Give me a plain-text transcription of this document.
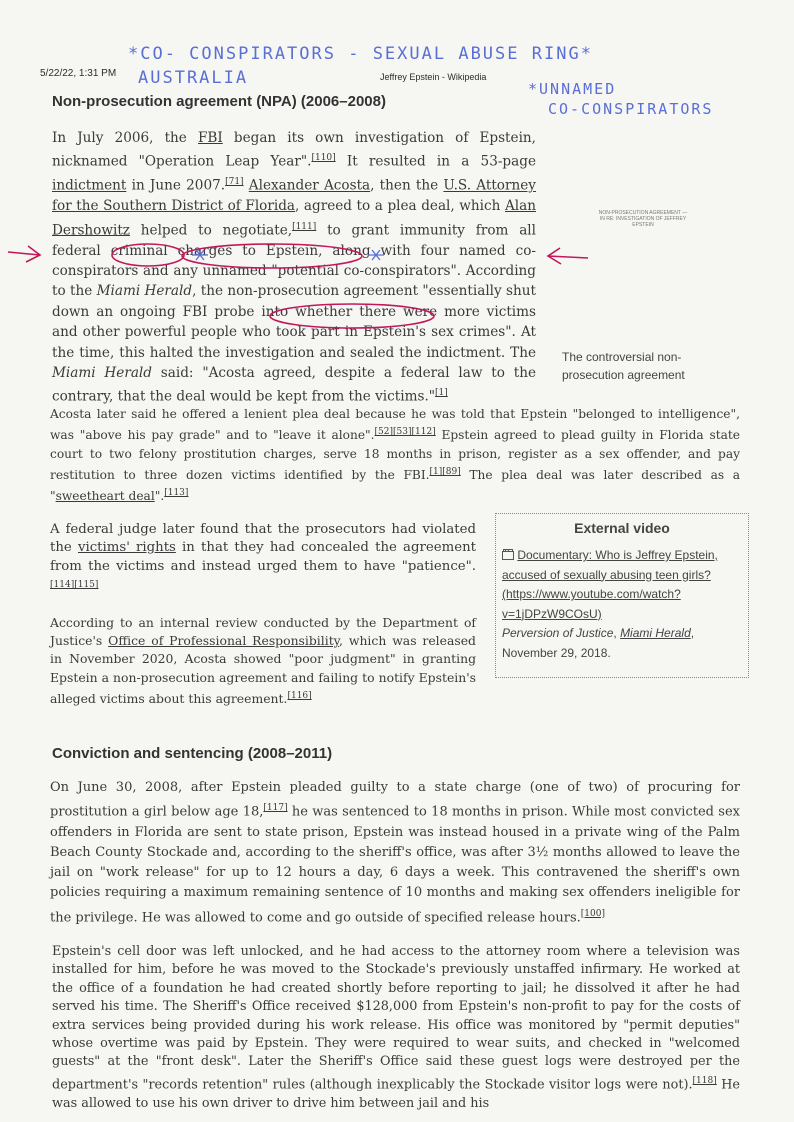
5/22/22, 1:31 PM	Jeffrey Epstein - Wikipedia
*CO- CONSPIRATORS - SEXUAL ABUSE RING*
AUSTRALIA
*UNNAMED
CO-CONSPIRATORS
Non-prosecution agreement (NPA) (2006–2008)

In July 2006, the FBI began its own investigation of Epstein, nicknamed "Operation Leap Year".[110] It resulted in a 53-page indictment in June 2007.[71] Alexander Acosta, then the U.S. Attorney for the Southern District of Florida, agreed to a plea deal, which Alan Dershowitz helped to negotiate,[111] to grant immunity from all federal criminal charges to Epstein, along with four named co-conspirators and any unnamed "potential co-conspirators". According to the Miami Herald, the non-prosecution agreement "essentially shut down an ongoing FBI probe into whether there were more victims and other powerful people who took part in Epstein's sex crimes". At the time, this halted the investigation and sealed the indictment. The Miami Herald said: "Acosta agreed, despite a federal law to the contrary, that the deal would be kept from the victims."[1]

NON-PROSECUTION AGREEMENT — IN RE: INVESTIGATION OF JEFFREY EPSTEIN
The controversial non-prosecution agreement

Acosta later said he offered a lenient plea deal because he was told that Epstein "belonged to intelligence", was "above his pay grade" and to "leave it alone".[52][53][112] Epstein agreed to plead guilty in Florida state court to two felony prostitution charges, serve 18 months in prison, register as a sex offender, and pay restitution to three dozen victims identified by the FBI.[1][89] The plea deal was later described as a "sweetheart deal".[113]

A federal judge later found that the prosecutors had violated the victims' rights in that they had concealed the agreement from the victims and instead urged them to have "patience".[114][115]

According to an internal review conducted by the Department of Justice's Office of Professional Responsibility, which was released in November 2020, Acosta showed "poor judgment" in granting Epstein a non-prosecution agreement and failing to notify Epstein's alleged victims about this agreement.[116]

External video
Documentary: Who is Jeffrey Epstein, accused of sexually abusing teen girls? (https://www.youtube.com/watch?v=1jDPzW9COsU)
Perversion of Justice, Miami Herald, November 29, 2018.
Conviction and sentencing (2008–2011)

On June 30, 2008, after Epstein pleaded guilty to a state charge (one of two) of procuring for prostitution a girl below age 18,[117] he was sentenced to 18 months in prison. While most convicted sex offenders in Florida are sent to state prison, Epstein was instead housed in a private wing of the Palm Beach County Stockade and, according to the sheriff's office, was after 3½ months allowed to leave the jail on "work release" for up to 12 hours a day, 6 days a week. This contravened the sheriff's own policies requiring a maximum remaining sentence of 10 months and making sex offenders ineligible for the privilege. He was allowed to come and go outside of specified release hours.[100]

Epstein's cell door was left unlocked, and he had access to the attorney room where a television was installed for him, before he was moved to the Stockade's previously unstaffed infirmary. He worked at the office of a foundation he had created shortly before reporting to jail; he dissolved it after he had served his time. The Sheriff's Office received $128,000 from Epstein's non-profit to pay for the costs of extra services being provided during his work release. His office was monitored by "permit deputies" whose overtime was paid by Epstein. They were required to wear suits, and checked in "welcomed guests" at the "front desk". Later the Sheriff's Office said these guest logs were destroyed per the department's "records retention" rules (although inexplicably the Stockade visitor logs were not).[118] He was allowed to use his own driver to drive him between jail and his
